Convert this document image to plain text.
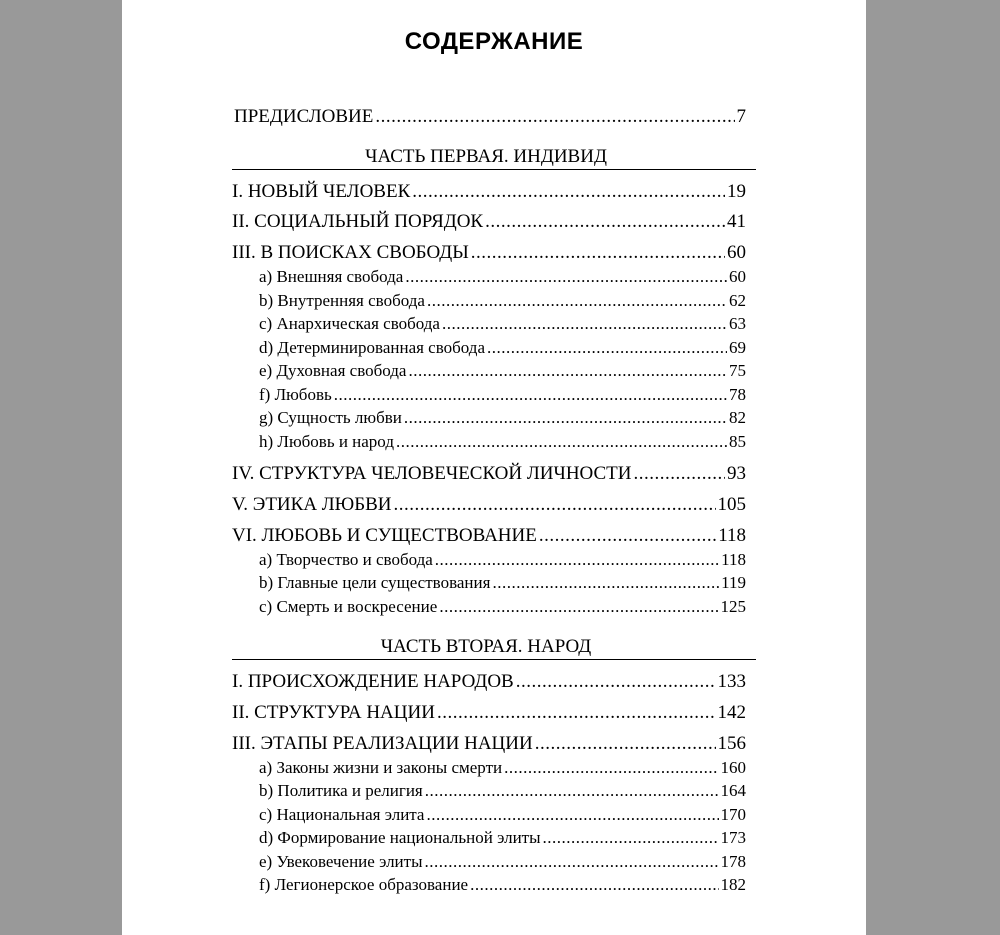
СОДЕРЖАНИЕ
ПРЕДИСЛОВИЕ .....	7
ЧАСТЬ ПЕРВАЯ. ИНДИВИД
I. НОВЫЙ ЧЕЛОВЕК .....	19
II. СОЦИАЛЬНЫЙ ПОРЯДОК .....	41
III. В ПОИСКАХ СВОБОДЫ .....	60
a) Внешняя свобода .....	60
b) Внутренняя свобода .....	62
c) Анархическая свобода .....	63
d) Детерминированная свобода .....	69
e) Духовная свобода .....	75
f) Любовь .....	78
g) Сущность любви .....	82
h) Любовь и народ .....	85
IV. СТРУКТУРА ЧЕЛОВЕЧЕСКОЙ ЛИЧНОСТИ .....	93
V. ЭТИКА ЛЮБВИ .....	105
VI. ЛЮБОВЬ И СУЩЕСТВОВАНИЕ .....	118
a) Творчество и свобода .....	118
b) Главные цели существования .....	119
c) Смерть и воскресение .....	125
ЧАСТЬ ВТОРАЯ. НАРОД
I. ПРОИСХОЖДЕНИЕ НАРОДОВ .....	133
II. СТРУКТУРА НАЦИИ .....	142
III. ЭТАПЫ РЕАЛИЗАЦИИ НАЦИИ .....	156
a) Законы жизни и законы смерти .....	160
b) Политика и религия .....	164
c) Национальная элита .....	170
d) Формирование национальной элиты .....	173
e) Увековечение элиты .....	178
f) Легионерское образование .....	182
